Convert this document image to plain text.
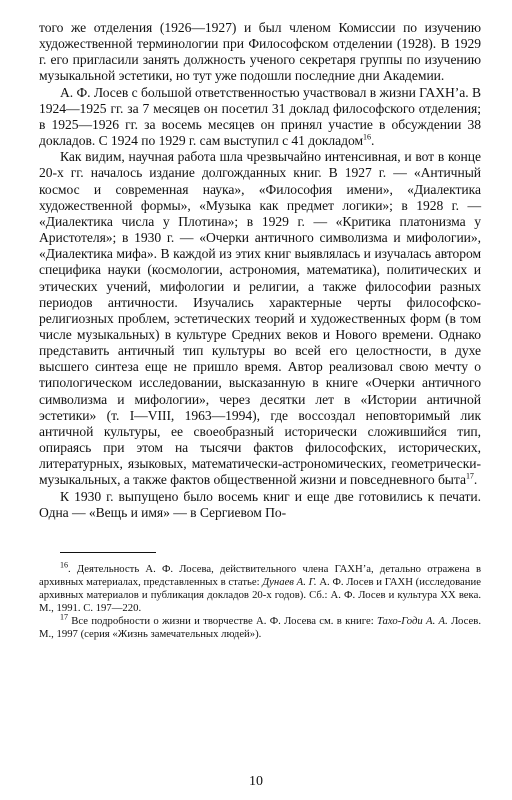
того же отделения (1926—1927) и был членом Комиссии по изучению художественной терминологии при Философском отделении (1928). В 1929 г. его пригласили занять должность ученого секретаря группы по изучению музыкальной эстетики, но тут уже подошли последние дни Академии.

А. Ф. Лосев с большой ответственностью участвовал в жизни ГАХН’а. В 1924—1925 гг. за 7 месяцев он посетил 31 доклад философского отделения; в 1925—1926 гг. за восемь месяцев он принял участие в обсуждении 38 докладов. С 1924 по 1929 г. сам выступил с 41 докладом$^{16}$.

Как видим, научная работа шла чрезвычайно интенсивная, и вот в конце 20-х гг. началось издание долгожданных книг. В 1927 г. — «Античный космос и современная наука», «Философия имени», «Диалектика художественной формы», «Музыка как предмет логики»; в 1928 г. — «Диалектика числа у Плотина»; в 1929 г. — «Критика платонизма у Аристотеля»; в 1930 г. — «Очерки античного символизма и мифологии», «Диалектика мифа». В каждой из этих книг выявлялась и изучалась автором специфика науки (космологии, астрономия, математика), политических и этических учений, мифологии и религии, а также философии разных периодов античности. Изучались характерные черты философско-религиозных проблем, эстетических теорий и художественных форм (в том числе музыкальных) в культуре Средних веков и Нового времени. Однако представить античный тип культуры во всей его целостности, в духе высшего синтеза еще не пришло время. Автор реализовал свою мечту о типологическом исследовании, высказанную в книге «Очерки античного символизма и мифологии», через десятки лет в «Истории античной эстетики» (т. I—VIII, 1963—1994), где воссоздал неповторимый лик античной культуры, ее своеобразный исторически сложившийся тип, опираясь при этом на тысячи фактов философских, исторических, литературных, языковых, математически-астрономических, геометрически-музыкальных, а также фактов общественной жизни и повседневного быта$^{17}$.

К 1930 г. выпущено было восемь книг и еще две готовились к печати. Одна — «Вещь и имя» — в Сергиевом По-

$^{16}$. Деятельность А. Ф. Лосева, действительного члена ГАХН’а, детально отражена в архивных материалах, представленных в статье: Дунаев А. Г. А. Ф. Лосев и ГАХН (исследование архивных материалов и публикация докладов 20-х годов). Сб.: А. Ф. Лосев и культура XX века. М., 1991. С. 197—220.

$^{17}$ Все подробности о жизни и творчестве А. Ф. Лосева см. в книге: Тахо-Годи А. А. Лосев. М., 1997 (серия «Жизнь замечательных людей»).

10
